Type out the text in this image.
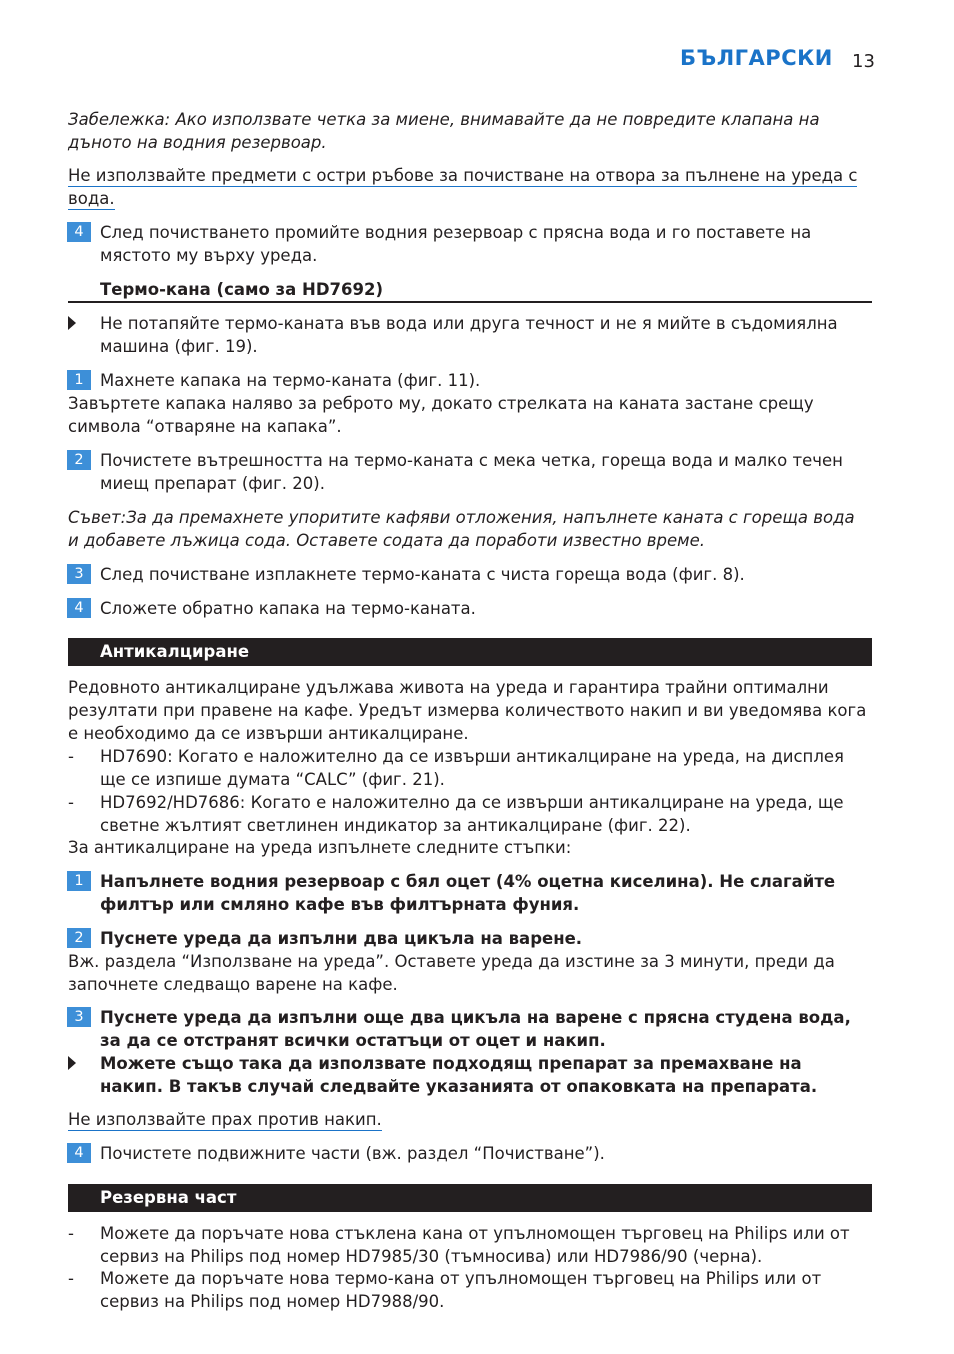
БЪЛГАРСКИ 13
Забележка: Ако използвате четка за миене, внимавайте да не повредите клапана на дъното на водния резервоар.
Не използвайте предмети с остри ръбове за почистване на отвора за пълнене на уреда с вода.
4 След почистването промийте водния резервоар с прясна вода и го поставете на мястото му върху уреда.
Термо-кана (само за HD7692)
Не потапяйте термо-каната във вода или друга течност и не я мийте в съдомиялна машина (фиг. 19).
1 Махнете капака на термо-каната (фиг. 11).
Завъртете капака наляво за реброто му, докато стрелката на каната застане срещу символа “отваряне на капака”.
2 Почистете вътрешността на термо-каната с мека четка, гореща вода и малко течен миещ препарат (фиг. 20).
Съвет:За да премахнете упоритите кафяви отложения, напълнете каната с гореща вода и добавете лъжица сода. Оставете содата да поработи известно време.
3 След почистване изплакнете термо-каната с чиста гореща вода (фиг. 8).
4 Сложете обратно капака на термо-каната.
Антикалциране
Редовното антикалциране удължава живота на уреда и гарантира трайни оптимални резултати при правене на кафе. Уредът измерва количеството накип и ви уведомява кога е необходимо да се извърши антикалциране.
- HD7690: Когато е наложително да се извърши антикалциране на уреда, на дисплея ще се изпише думата “CALC” (фиг. 21).
- HD7692/HD7686: Когато е наложително да се извърши антикалциране на уреда, ще светне жълтият светлинен индикатор за антикалциране (фиг. 22).
За антикалциране на уреда изпълнете следните стъпки:
1 Напълнете водния резервоар с бял оцет (4% оцетна киселина). Не слагайте филтър или смляно кафе във филтърната фуния.
2 Пуснете уреда да изпълни два цикъла на варене.
Вж. раздела “Използване на уреда”. Оставете уреда да изстине за 3 минути, преди да започнете следващо варене на кафе.
3 Пуснете уреда да изпълни още два цикъла на варене с прясна студена вода, за да се отстранят всички остатъци от оцет и накип.
Можете също така да използвате подходящ препарат за премахване на накип. В такъв случай следвайте указанията от опаковката на препарата.
Не използвайте прах против накип.
4 Почистете подвижните части (вж. раздел “Почистване”).
Резервна част
- Можете да поръчате нова стъклена кана от упълномощен търговец на Philips или от сервиз на Philips под номер HD7985/30 (тъмносива) или HD7986/90 (черна).
- Можете да поръчате нова термо-кана от упълномощен търговец на Philips или от сервиз на Philips под номер HD7988/90.
